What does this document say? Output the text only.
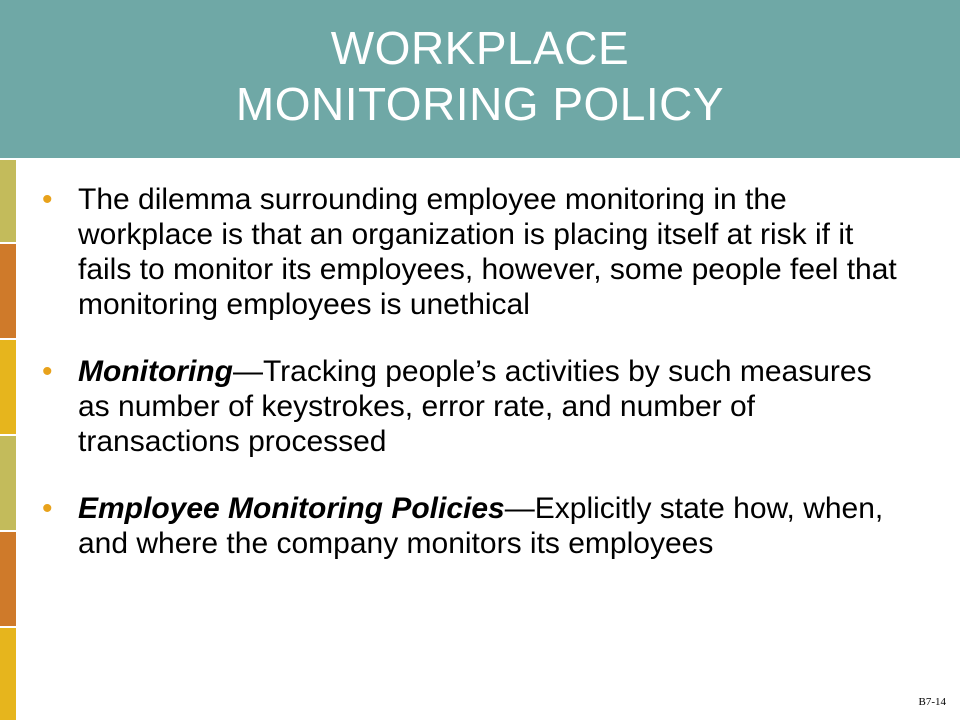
WORKPLACE
MONITORING POLICY
• The dilemma surrounding employee monitoring in the workplace is that an organization is placing itself at risk if it fails to monitor its employees, however, some people feel that monitoring employees is unethical
• Monitoring—Tracking people’s activities by such measures as number of keystrokes, error rate, and number of transactions processed
• Employee Monitoring Policies—Explicitly state how, when, and where the company monitors its employees
B7-14
